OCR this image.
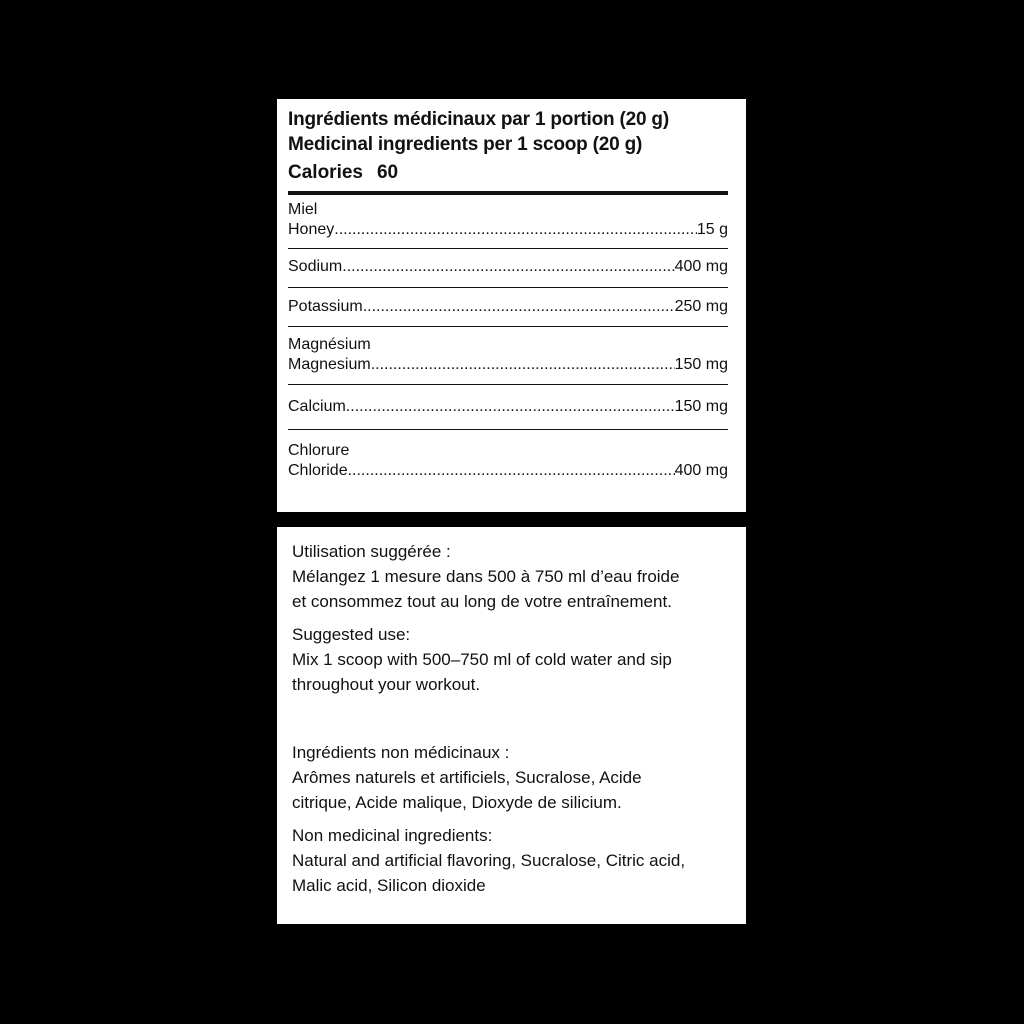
Ingrédients médicinaux par 1 portion (20 g)
Medicinal ingredients per 1 scoop (20 g)
Calories 60
Miel
Honey .....	15 g
Sodium .....	400 mg
Potassium .....	250 mg
Magnésium
Magnesium .....	150 mg
Calcium .....	150 mg
Chlorure
Chloride .....	400 mg
Utilisation suggérée :
Mélangez 1 mesure dans 500 à 750 ml d’eau froide
et consommez tout au long de votre entraînement.
Suggested use:
Mix 1 scoop with 500–750 ml of cold water and sip
throughout your workout.
Ingrédients non médicinaux :
Arômes naturels et artificiels, Sucralose, Acide
citrique, Acide malique, Dioxyde de silicium.
Non medicinal ingredients:
Natural and artificial flavoring, Sucralose, Citric acid,
Malic acid, Silicon dioxide
